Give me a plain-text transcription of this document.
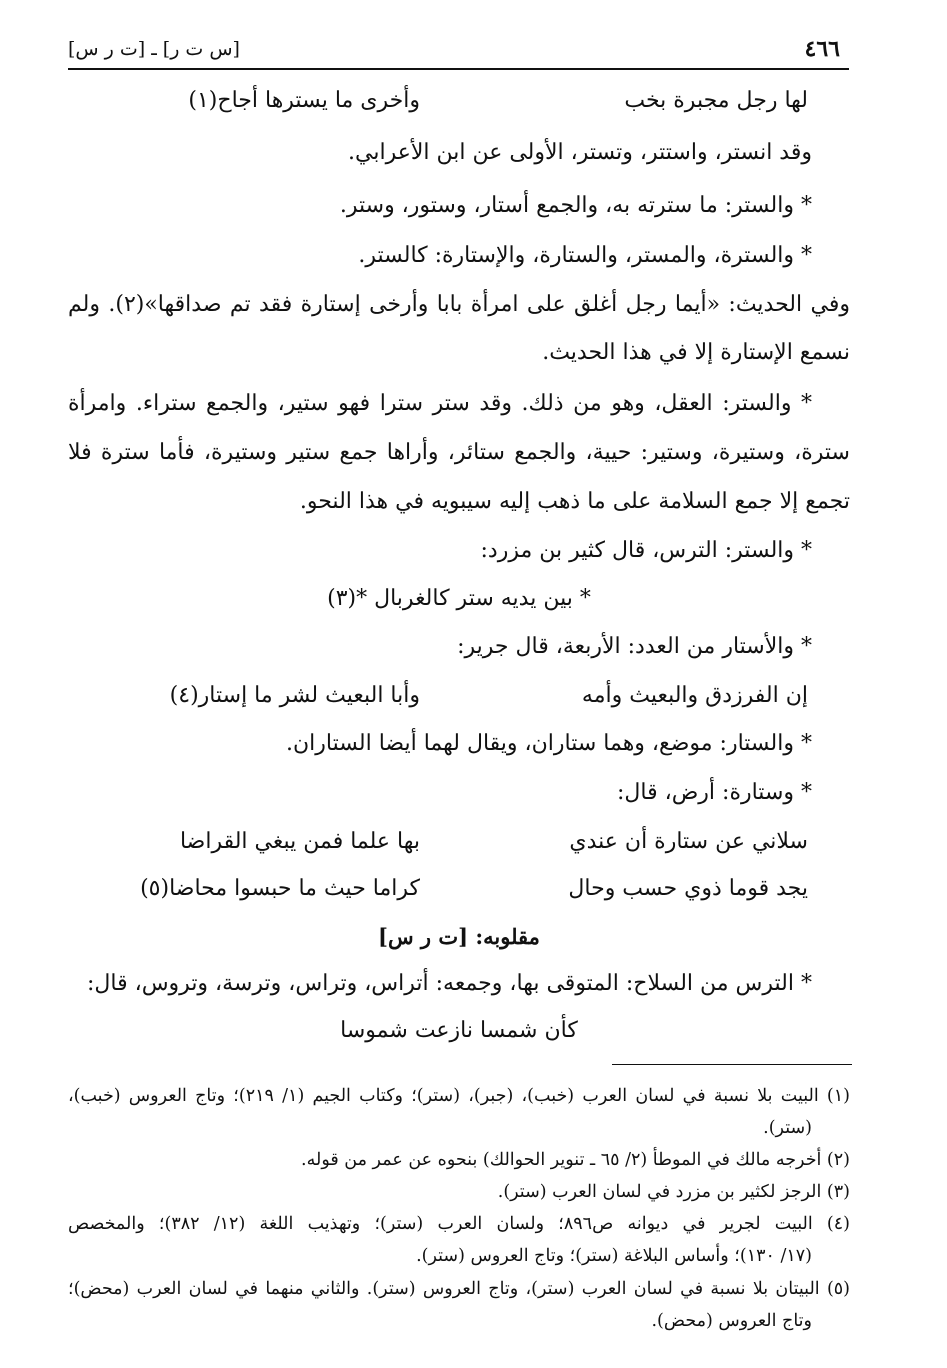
٤٦٦
[س ت ر] ـ [ت ر س]
لها رجل مجبرة بخب
وأخرى ما يسترها أجاح(١)
وقد انستر، واستتر، وتستر، الأولى عن ابن الأعرابي.
* والستر: ما سترته به، والجمع أستار، وستور، وستر.
* والسترة، والمستر، والستارة، والإستارة: كالستر.
وفي الحديث: «أيما رجل أغلق على امرأة بابا وأرخى إستارة فقد تم صداقها»(٢). ولم
نسمع الإستارة إلا في هذا الحديث.
* والستر: العقل، وهو من ذلك. وقد ستر سترا فهو ستير، والجمع ستراء. وامرأة
سترة، وستيرة، وستير: حيية، والجمع ستائر، وأراها جمع ستير وستيرة، فأما سترة فلا
تجمع إلا جمع السلامة على ما ذهب إليه سيبويه في هذا النحو.
* والستر: الترس، قال كثير بن مزرد:
* بين يديه ستر كالغربال *(٣)
* والأستار من العدد: الأربعة، قال جرير:
إن الفرزدق والبعيث وأمه
وأبا البعيث لشر ما إستار(٤)
* والستار: موضع، وهما ستاران، ويقال لهما أيضا الستاران.
* وستارة: أرض، قال:
سلاني عن ستارة أن عندي
بها علما فمن يبغي القراضا
يجد قوما ذوي حسب وحال
كراما حيث ما حبسوا محاضا(٥)
مقلوبه: [ت ر س]
* الترس من السلاح: المتوقى بها، وجمعه: أتراس، وتراس، وترسة، وتروس، قال:
كأن شمسا نازعت شموسا
(١) البيت بلا نسبة في لسان العرب (خبب)، (جبر)، (ستر)؛ وكتاب الجيم (١/ ٢١٩)؛ وتاج العروس (خبب)،
(ستر).
(٢) أخرجه مالك في الموطأ (٢/ ٦٥ ـ تنوير الحوالك) بنحوه عن عمر من قوله.
(٣) الرجز لكثير بن مزرد في لسان العرب (ستر).
(٤) البيت لجرير في ديوانه ص٨٩٦؛ ولسان العرب (ستر)؛ وتهذيب اللغة (١٢/ ٣٨٢)؛ والمخصص
(١٧/ ١٣٠)؛ وأساس البلاغة (ستر)؛ وتاج العروس (ستر).
(٥) البيتان بلا نسبة في لسان العرب (ستر)، وتاج العروس (ستر). والثاني منهما في لسان العرب (محض)؛
وتاج العروس (محض).
